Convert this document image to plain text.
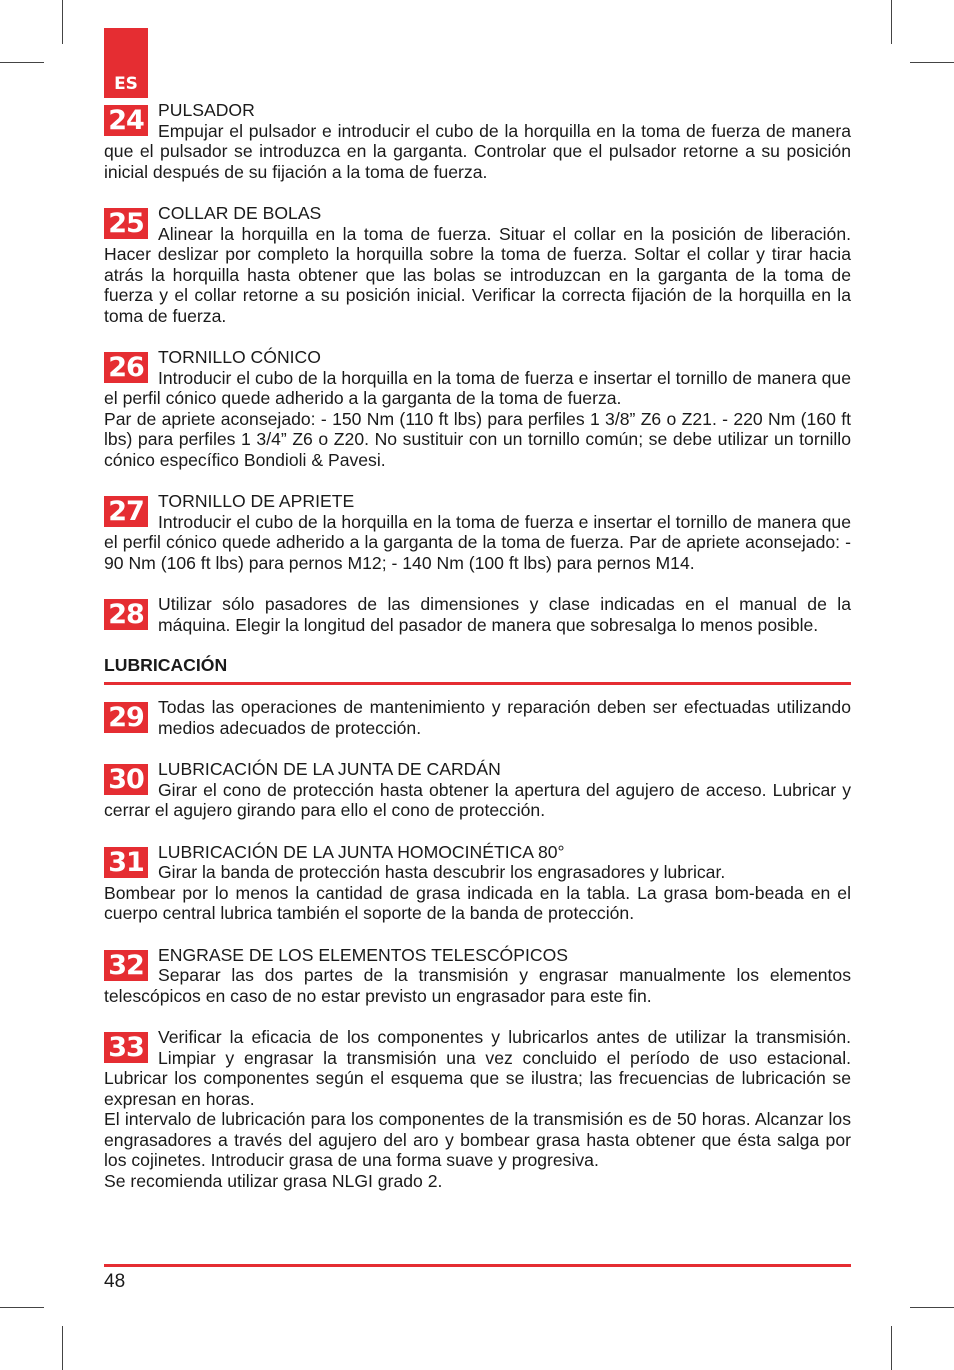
ES
24 PULSADOR
Empujar el pulsador e introducir el cubo de la horquilla en la toma de fuerza de manera que el pulsador se introduzca en la garganta. Controlar que el pulsador retorne a su posición inicial después de su fijación a la toma de fuerza.
25 COLLAR DE BOLAS
Alinear la horquilla en la toma de fuerza. Situar el collar en la posición de liberación. Hacer deslizar por completo la horquilla sobre la toma de fuerza. Soltar el collar y tirar hacia atrás la horquilla hasta obtener que las bolas se introduzcan en la garganta de la toma de fuerza y el collar retorne a su posición inicial. Verificar la correcta fijación de la horquilla en la toma de fuerza.
26 TORNILLO CÓNICO
Introducir el cubo de la horquilla en la toma de fuerza e insertar el tornillo de manera que el perfil cónico quede adherido a la garganta de la toma de fuerza.
Par de apriete aconsejado: - 150 Nm (110 ft lbs) para perfiles 1 3/8” Z6 o Z21. - 220 Nm (160 ft lbs) para perfiles 1 3/4” Z6 o Z20. No sustituir con un tornillo común; se debe utilizar un tornillo cónico específico Bondioli & Pavesi.
27 TORNILLO DE APRIETE
Introducir el cubo de la horquilla en la toma de fuerza e insertar el tornillo de manera que el perfil cónico quede adherido a la garganta de la toma de fuerza. Par de apriete aconsejado: - 90 Nm (106 ft lbs) para pernos M12; - 140 Nm (100 ft lbs) para pernos M14.
28 Utilizar sólo pasadores de las dimensiones y clase indicadas en el manual de la máquina. Elegir la longitud del pasador de manera que sobresalga lo menos posible.
LUBRICACIÓN
29 Todas las operaciones de mantenimiento y reparación deben ser efectuadas utilizando medios adecuados de protección.
30 LUBRICACIÓN DE LA JUNTA DE CARDÁN
Girar el cono de protección hasta obtener la apertura del agujero de acceso. Lubricar y cerrar el agujero girando para ello el cono de protección.
31 LUBRICACIÓN DE LA JUNTA HOMOCINÉTICA 80°
Girar la banda de protección hasta descubrir los engrasadores y lubricar.
Bombear por lo menos la cantidad de grasa indicada en la tabla. La grasa bom-beada en el cuerpo central lubrica también el soporte de la banda de protección.
32 ENGRASE DE LOS ELEMENTOS TELESCÓPICOS
Separar las dos partes de la transmisión y engrasar manualmente los elementos telescópicos en caso de no estar previsto un engrasador para este fin.
33 Verificar la eficacia de los componentes y lubricarlos antes de utilizar la transmisión. Limpiar y engrasar la transmisión una vez concluido el período de uso estacional. Lubricar los componentes según el esquema que se ilustra; las frecuencias de lubricación se expresan en horas.
El intervalo de lubricación para los componentes de la transmisión es de 50 horas. Alcanzar los engrasadores a través del agujero del aro y bombear grasa hasta obtener que ésta salga por los cojinetes. Introducir grasa de una forma suave y progresiva.
Se recomienda utilizar grasa NLGI grado 2.
48
